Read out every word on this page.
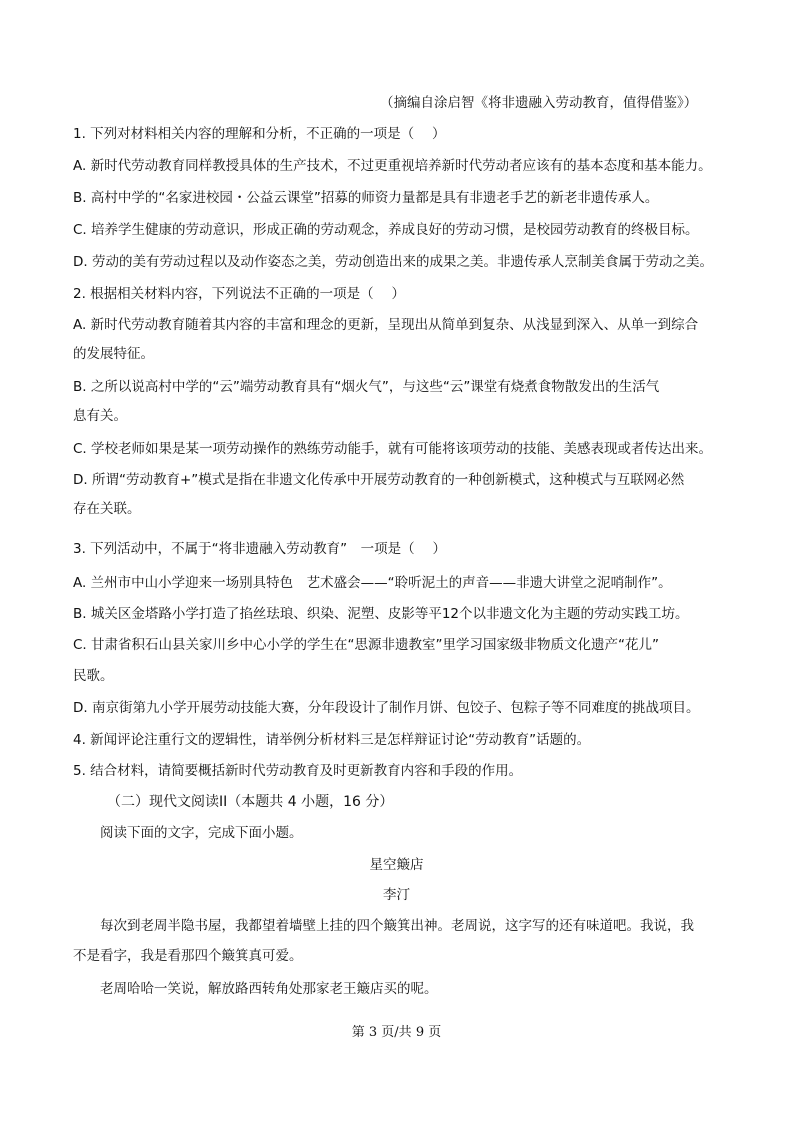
（摘编自涂启智《将非遗融入劳动教育，值得借鉴》）
1. 下列对材料相关内容的理解和分析，不正确的一项是（　 ）
A. 新时代劳动教育同样教授具体的生产技术，不过更重视培养新时代劳动者应该有的基本态度和基本能力。
B. 高村中学的“名家进校园・公益云课堂”招募的师资力量都是具有非遗老手艺的新老非遗传承人。
C. 培养学生健康的劳动意识，形成正确的劳动观念，养成良好的劳动习惯，是校园劳动教育的终极目标。
D. 劳动的美有劳动过程以及动作姿态之美，劳动创造出来的成果之美。非遗传承人烹制美食属于劳动之美。
2. 根据相关材料内容，下列说法不正确的一项是（　 ）
A. 新时代劳动教育随着其内容的丰富和理念的更新，呈现出从简单到复杂、从浅显到深入、从单一到综合
的发展特征。
B. 之所以说高村中学的“云”端劳动教育具有“烟火气”，与这些“云”课堂有烧煮食物散发出的生活气
息有关。
C. 学校老师如果是某一项劳动操作的熟练劳动能手，就有可能将该项劳动的技能、美感表现或者传达出来。
D. 所谓“劳动教育+”模式是指在非遗文化传承中开展劳动教育的一种创新模式，这种模式与互联网必然
存在关联。
3. 下列活动中，不属于“将非遗融入劳动教育”　一项是（　 ）
A. 兰州市中山小学迎来一场别具特色　艺术盛会——“聆听泥土的声音——非遗大讲堂之泥哨制作”。
B. 城关区金塔路小学打造了掐丝珐琅、织染、泥塑、皮影等平12个以非遗文化为主题的劳动实践工坊。
C. 甘肃省积石山县关家川乡中心小学的学生在“思源非遗教室”里学习国家级非物质文化遗产“花儿”
民歌。
D. 南京街第九小学开展劳动技能大赛，分年段设计了制作月饼、包饺子、包粽子等不同难度的挑战项目。
4. 新闻评论注重行文的逻辑性，请举例分析材料三是怎样辩证讨论“劳动教育”话题的。
5. 结合材料，请简要概括新时代劳动教育及时更新教育内容和手段的作用。
（二）现代文阅读II（本题共 4 小题，16 分）
阅读下面的文字，完成下面小题。
星空簸店
李汀
每次到老周半隐书屋，我都望着墙壁上挂的四个簸箕出神。老周说，这字写的还有味道吧。我说，我
不是看字，我是看那四个簸箕真可爱。
老周哈哈一笑说，解放路西转角处那家老王簸店买的呢。
第 3 页/共 9 页
